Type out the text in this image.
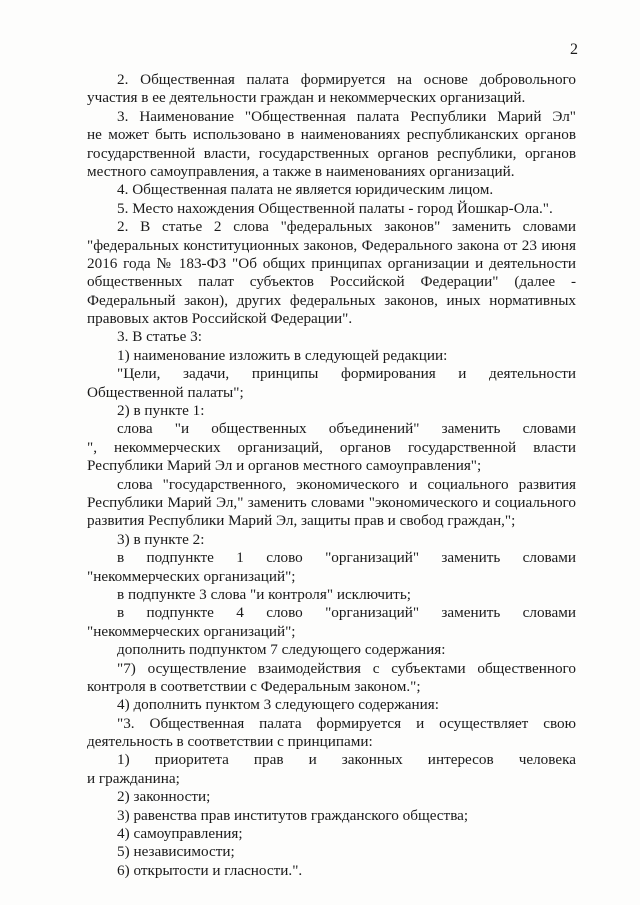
2
2. Общественная палата формируется на основе добровольного
участия в ее деятельности граждан и некоммерческих организаций.
3. Наименование "Общественная палата Республики Марий Эл"
не может быть использовано в наименованиях республиканских органов
государственной власти, государственных органов республики, органов
местного самоуправления, а также в наименованиях организаций.
4. Общественная палата не является юридическим лицом.
5. Место нахождения Общественной палаты - город Йошкар-Ола.".
2. В статье 2 слова "федеральных законов" заменить словами
"федеральных конституционных законов, Федерального закона от 23 июня
2016 года № 183-ФЗ "Об общих принципах организации и деятельности
общественных палат субъектов Российской Федерации" (далее -
Федеральный закон), других федеральных законов, иных нормативных
правовых актов Российской Федерации".
3. В статье 3:
1) наименование изложить в следующей редакции:
"Цели, задачи, принципы формирования и деятельности
Общественной палаты";
2) в пункте 1:
слова "и общественных объединений" заменить словами
", некоммерческих организаций, органов государственной власти
Республики Марий Эл и органов местного самоуправления";
слова "государственного, экономического и социального развития
Республики Марий Эл," заменить словами "экономического и социального
развития Республики Марий Эл, защиты прав и свобод граждан,";
3) в пункте 2:
в подпункте 1 слово "организаций" заменить словами
"некоммерческих организаций";
в подпункте 3 слова "и контроля" исключить;
в подпункте 4 слово "организаций" заменить словами
"некоммерческих организаций";
дополнить подпунктом 7 следующего содержания:
"7) осуществление взаимодействия с субъектами общественного
контроля в соответствии с Федеральным законом.";
4) дополнить пунктом 3 следующего содержания:
"3. Общественная палата формируется и осуществляет свою
деятельность в соответствии с принципами:
1) приоритета прав и законных интересов человека
и гражданина;
2) законности;
3) равенства прав институтов гражданского общества;
4) самоуправления;
5) независимости;
6) открытости и гласности.".
